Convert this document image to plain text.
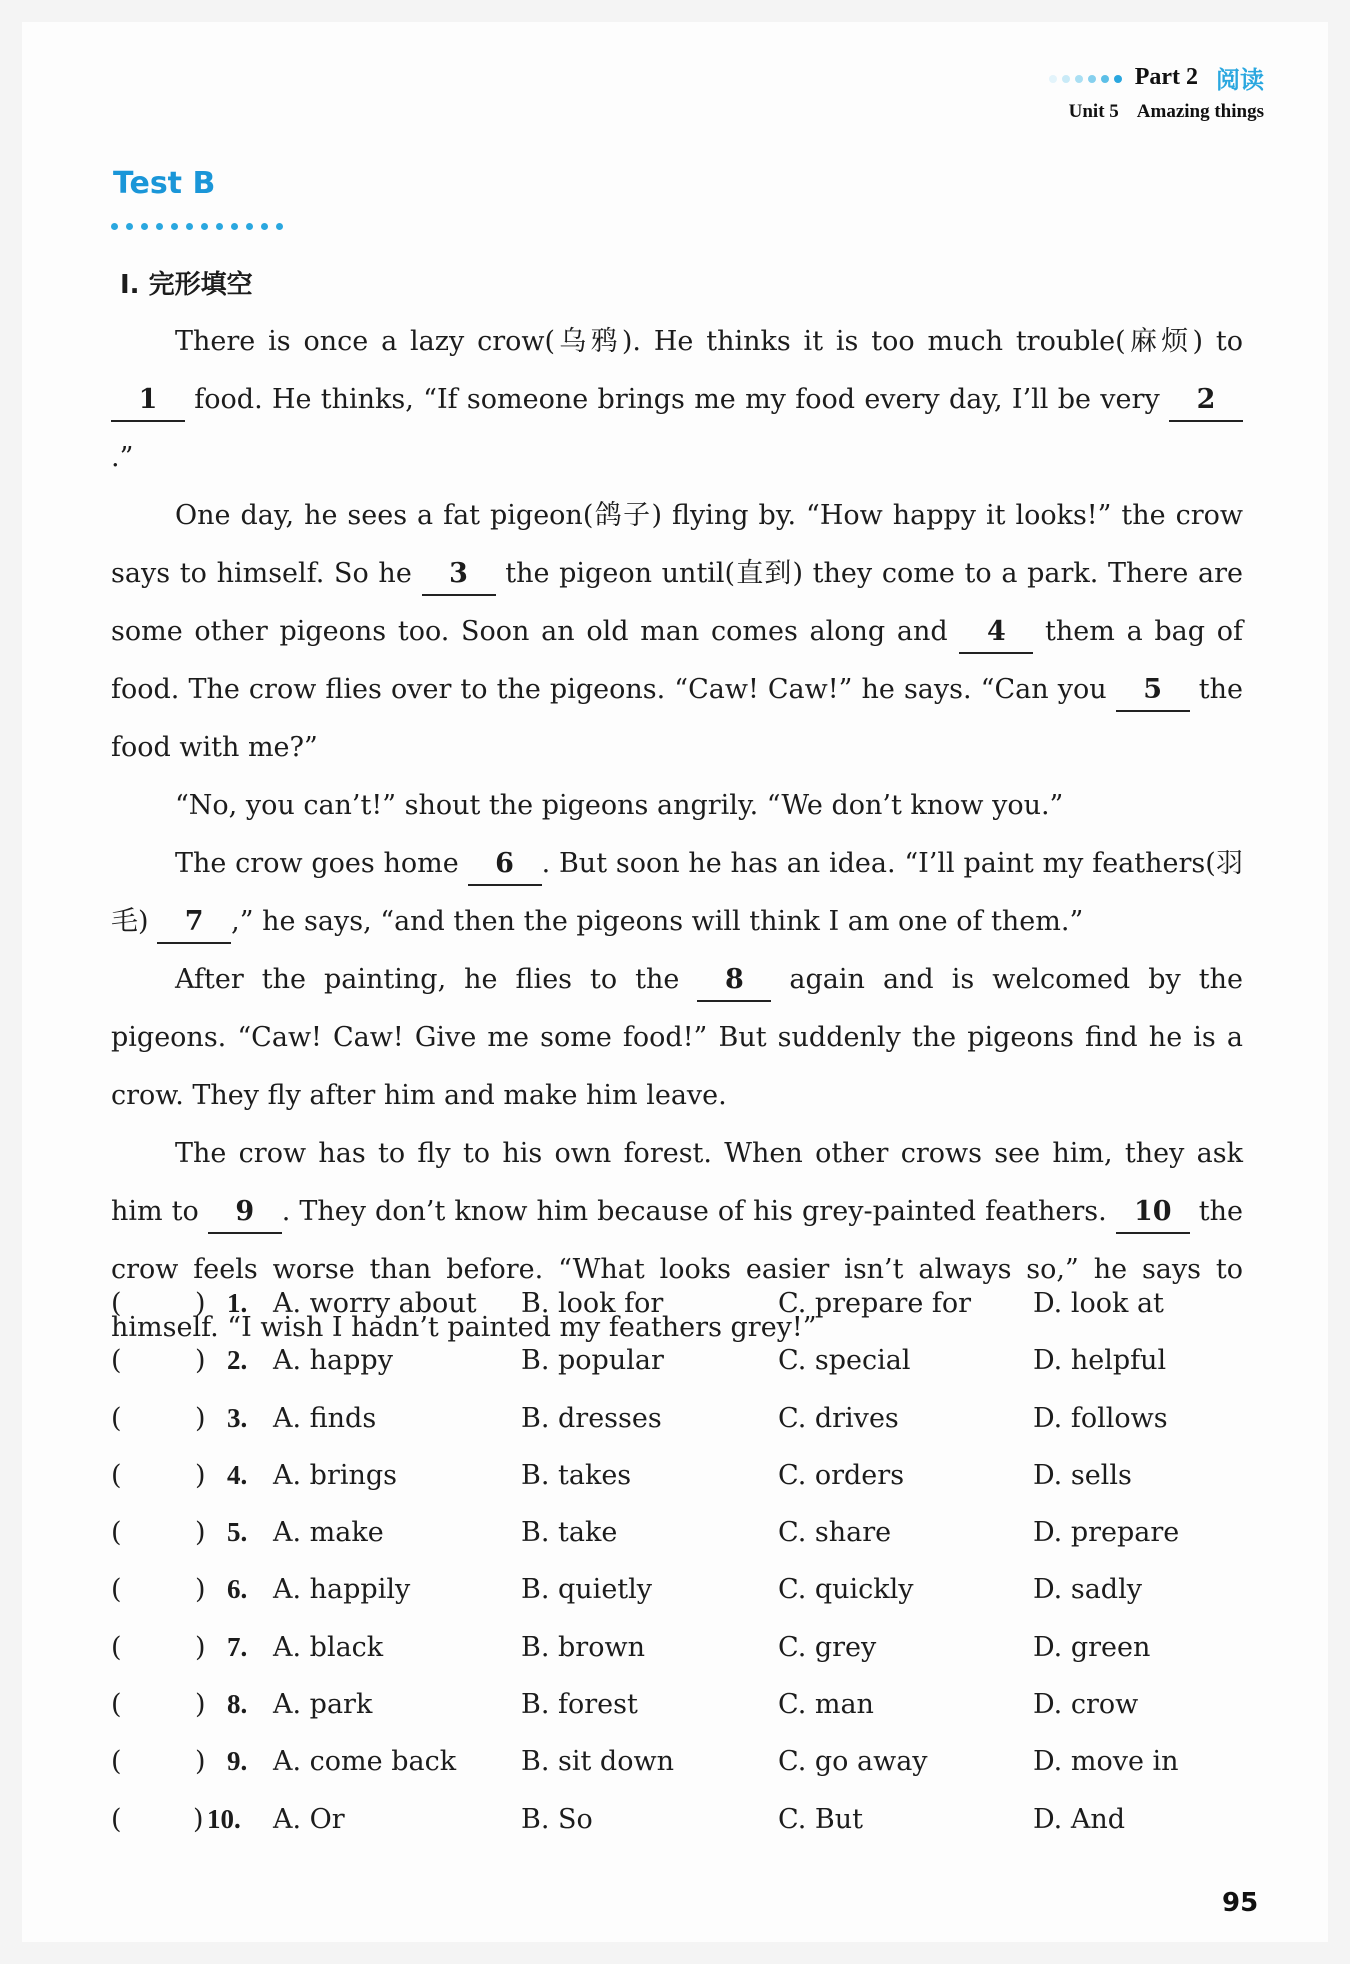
Part 2 阅读
Unit 5 Amazing things
Test B
Ⅰ. 完形填空

There is once a lazy crow(乌鸦). He thinks it is too much trouble(麻烦) to 1 food. He thinks, “If someone brings me my food every day, I’ll be very 2.”

One day, he sees a fat pigeon(鸽子) flying by. “How happy it looks!” the crow says to himself. So he 3 the pigeon until(直到) they come to a park. There are some other pigeons too. Soon an old man comes along and 4 them a bag of food. The crow flies over to the pigeons. “Caw! Caw!” he says. “Can you 5 the food with me?”

“No, you can’t!” shout the pigeons angrily. “We don’t know you.”

The crow goes home 6 . But soon he has an idea. “I’ll paint my feathers(羽毛) 7 ,” he says, “and then the pigeons will think I am one of them.”

After the painting, he flies to the 8 again and is welcomed by the pigeons. “Caw! Caw! Give me some food!” But suddenly the pigeons find he is a crow. They fly after him and make him leave.

The crow has to fly to his own forest. When other crows see him, they ask him to 9 . They don’t know him because of his grey-painted feathers. 10 the crow feels worse than before. “What looks easier isn’t always so,” he says to himself. “I wish I hadn’t painted my feathers grey!”

(	) 1. A. worry about B. look for	C. prepare for D. look at
(	) 2. A. happy	B. popular	C. special	D. helpful
(	) 3. A. finds	B. dresses	C. drives	D. follows
(	) 4. A. brings	B. takes	C. orders	D. sells
(	) 5. A. make	B. take	C. share	D. prepare
(	) 6. A. happily	B. quietly	C. quickly	D. sadly
(	) 7. A. black	B. brown	C. grey	D. green
(	) 8. A. park	B. forest	C. man	D. crow
(	) 9. A. come back B. sit down	C. go away	D. move in
(	) 10. A. Or	B. So	C. But	D. And
95
